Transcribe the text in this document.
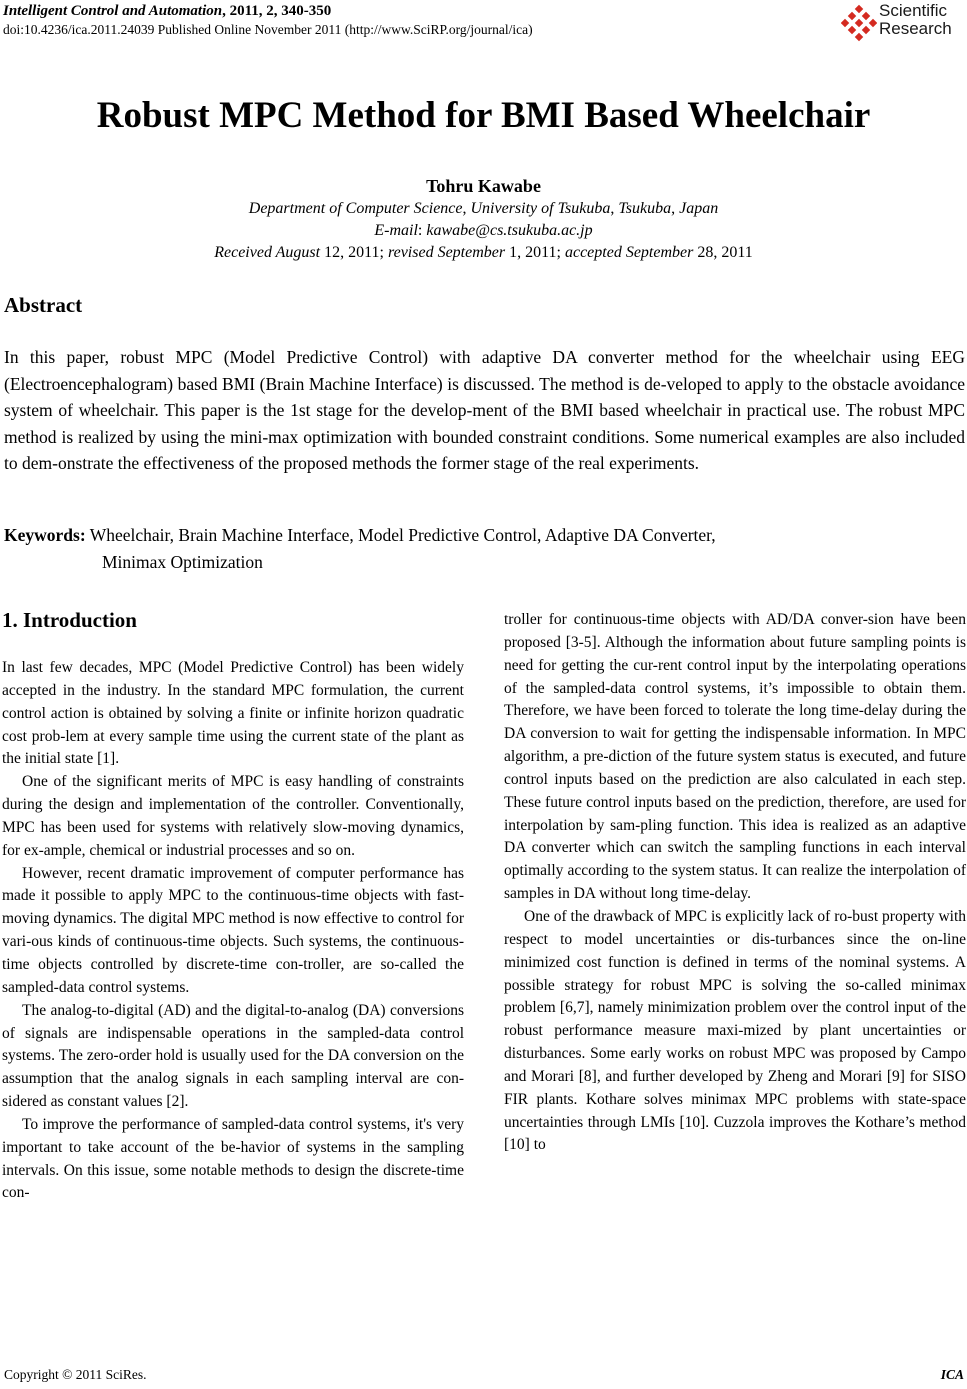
Intelligent Control and Automation, 2011, 2, 340-350
doi:10.4236/ica.2011.24039 Published Online November 2011 (http://www.SciRP.org/journal/ica)
Scientific
Research
Robust MPC Method for BMI Based Wheelchair
Tohru Kawabe
Department of Computer Science, University of Tsukuba, Tsukuba, Japan
E-mail: kawabe@cs.tsukuba.ac.jp
Received August 12, 2011; revised September 1, 2011; accepted September 28, 2011
Abstract
In this paper, robust MPC (Model Predictive Control) with adaptive DA converter method for the wheelchair using EEG (Electroencephalogram) based BMI (Brain Machine Interface) is discussed. The method is de-veloped to apply to the obstacle avoidance system of wheelchair. This paper is the 1st stage for the develop-ment of the BMI based wheelchair in practical use. The robust MPC method is realized by using the mini-max optimization with bounded constraint conditions. Some numerical examples are also included to dem-onstrate the effectiveness of the proposed methods the former stage of the real experiments.
Keywords: Wheelchair, Brain Machine Interface, Model Predictive Control, Adaptive DA Converter,
Minimax Optimization
1. Introduction

In last few decades, MPC (Model Predictive Control) has been widely accepted in the industry. In the standard MPC formulation, the current control action is obtained by solving a finite or infinite horizon quadratic cost prob-lem at every sample time using the current state of the plant as the initial state [1].

One of the significant merits of MPC is easy handling of constraints during the design and implementation of the controller. Conventionally, MPC has been used for systems with relatively slow-moving dynamics, for ex-ample, chemical or industrial processes and so on.

However, recent dramatic improvement of computer performance has made it possible to apply MPC to the continuous-time objects with fast-moving dynamics. The digital MPC method is now effective to control for vari-ous kinds of continuous-time objects. Such systems, the continuous-time objects controlled by discrete-time con-troller, are so-called the sampled-data control systems.

The analog-to-digital (AD) and the digital-to-analog (DA) conversions of signals are indispensable operations in the sampled-data control systems. The zero-order hold is usually used for the DA conversion on the assumption that the analog signals in each sampling interval are con-sidered as constant values [2].

To improve the performance of sampled-data control systems, it's very important to take account of the be-havior of systems in the sampling intervals. On this issue, some notable methods to design the discrete-time con-

troller for continuous-time objects with AD/DA conver-sion have been proposed [3-5]. Although the information about future sampling points is need for getting the cur-rent control input by the interpolating operations of the sampled-data control systems, it’s impossible to obtain them. Therefore, we have been forced to tolerate the long time-delay during the DA conversion to wait for getting the indispensable information. In MPC algorithm, a pre-diction of the future system status is executed, and future control inputs based on the prediction are also calculated in each step. These future control inputs based on the prediction, therefore, are used for interpolation by sam-pling function. This idea is realized as an adaptive DA converter which can switch the sampling functions in each interval optimally according to the system status. It can realize the interpolation of samples in DA without long time-delay.

One of the drawback of MPC is explicitly lack of ro-bust property with respect to model uncertainties or dis-turbances since the on-line minimized cost function is defined in terms of the nominal systems. A possible strategy for robust MPC is solving the so-called minimax problem [6,7], namely minimization problem over the control input of the robust performance measure maxi-mized by plant uncertainties or disturbances. Some early works on robust MPC was proposed by Campo and Morari [8], and further developed by Zheng and Morari [9] for SISO FIR plants. Kothare solves minimax MPC problems with state-space uncertainties through LMIs [10]. Cuzzola improves the Kothare’s method [10] to

Copyright © 2011 SciRes.	ICA
